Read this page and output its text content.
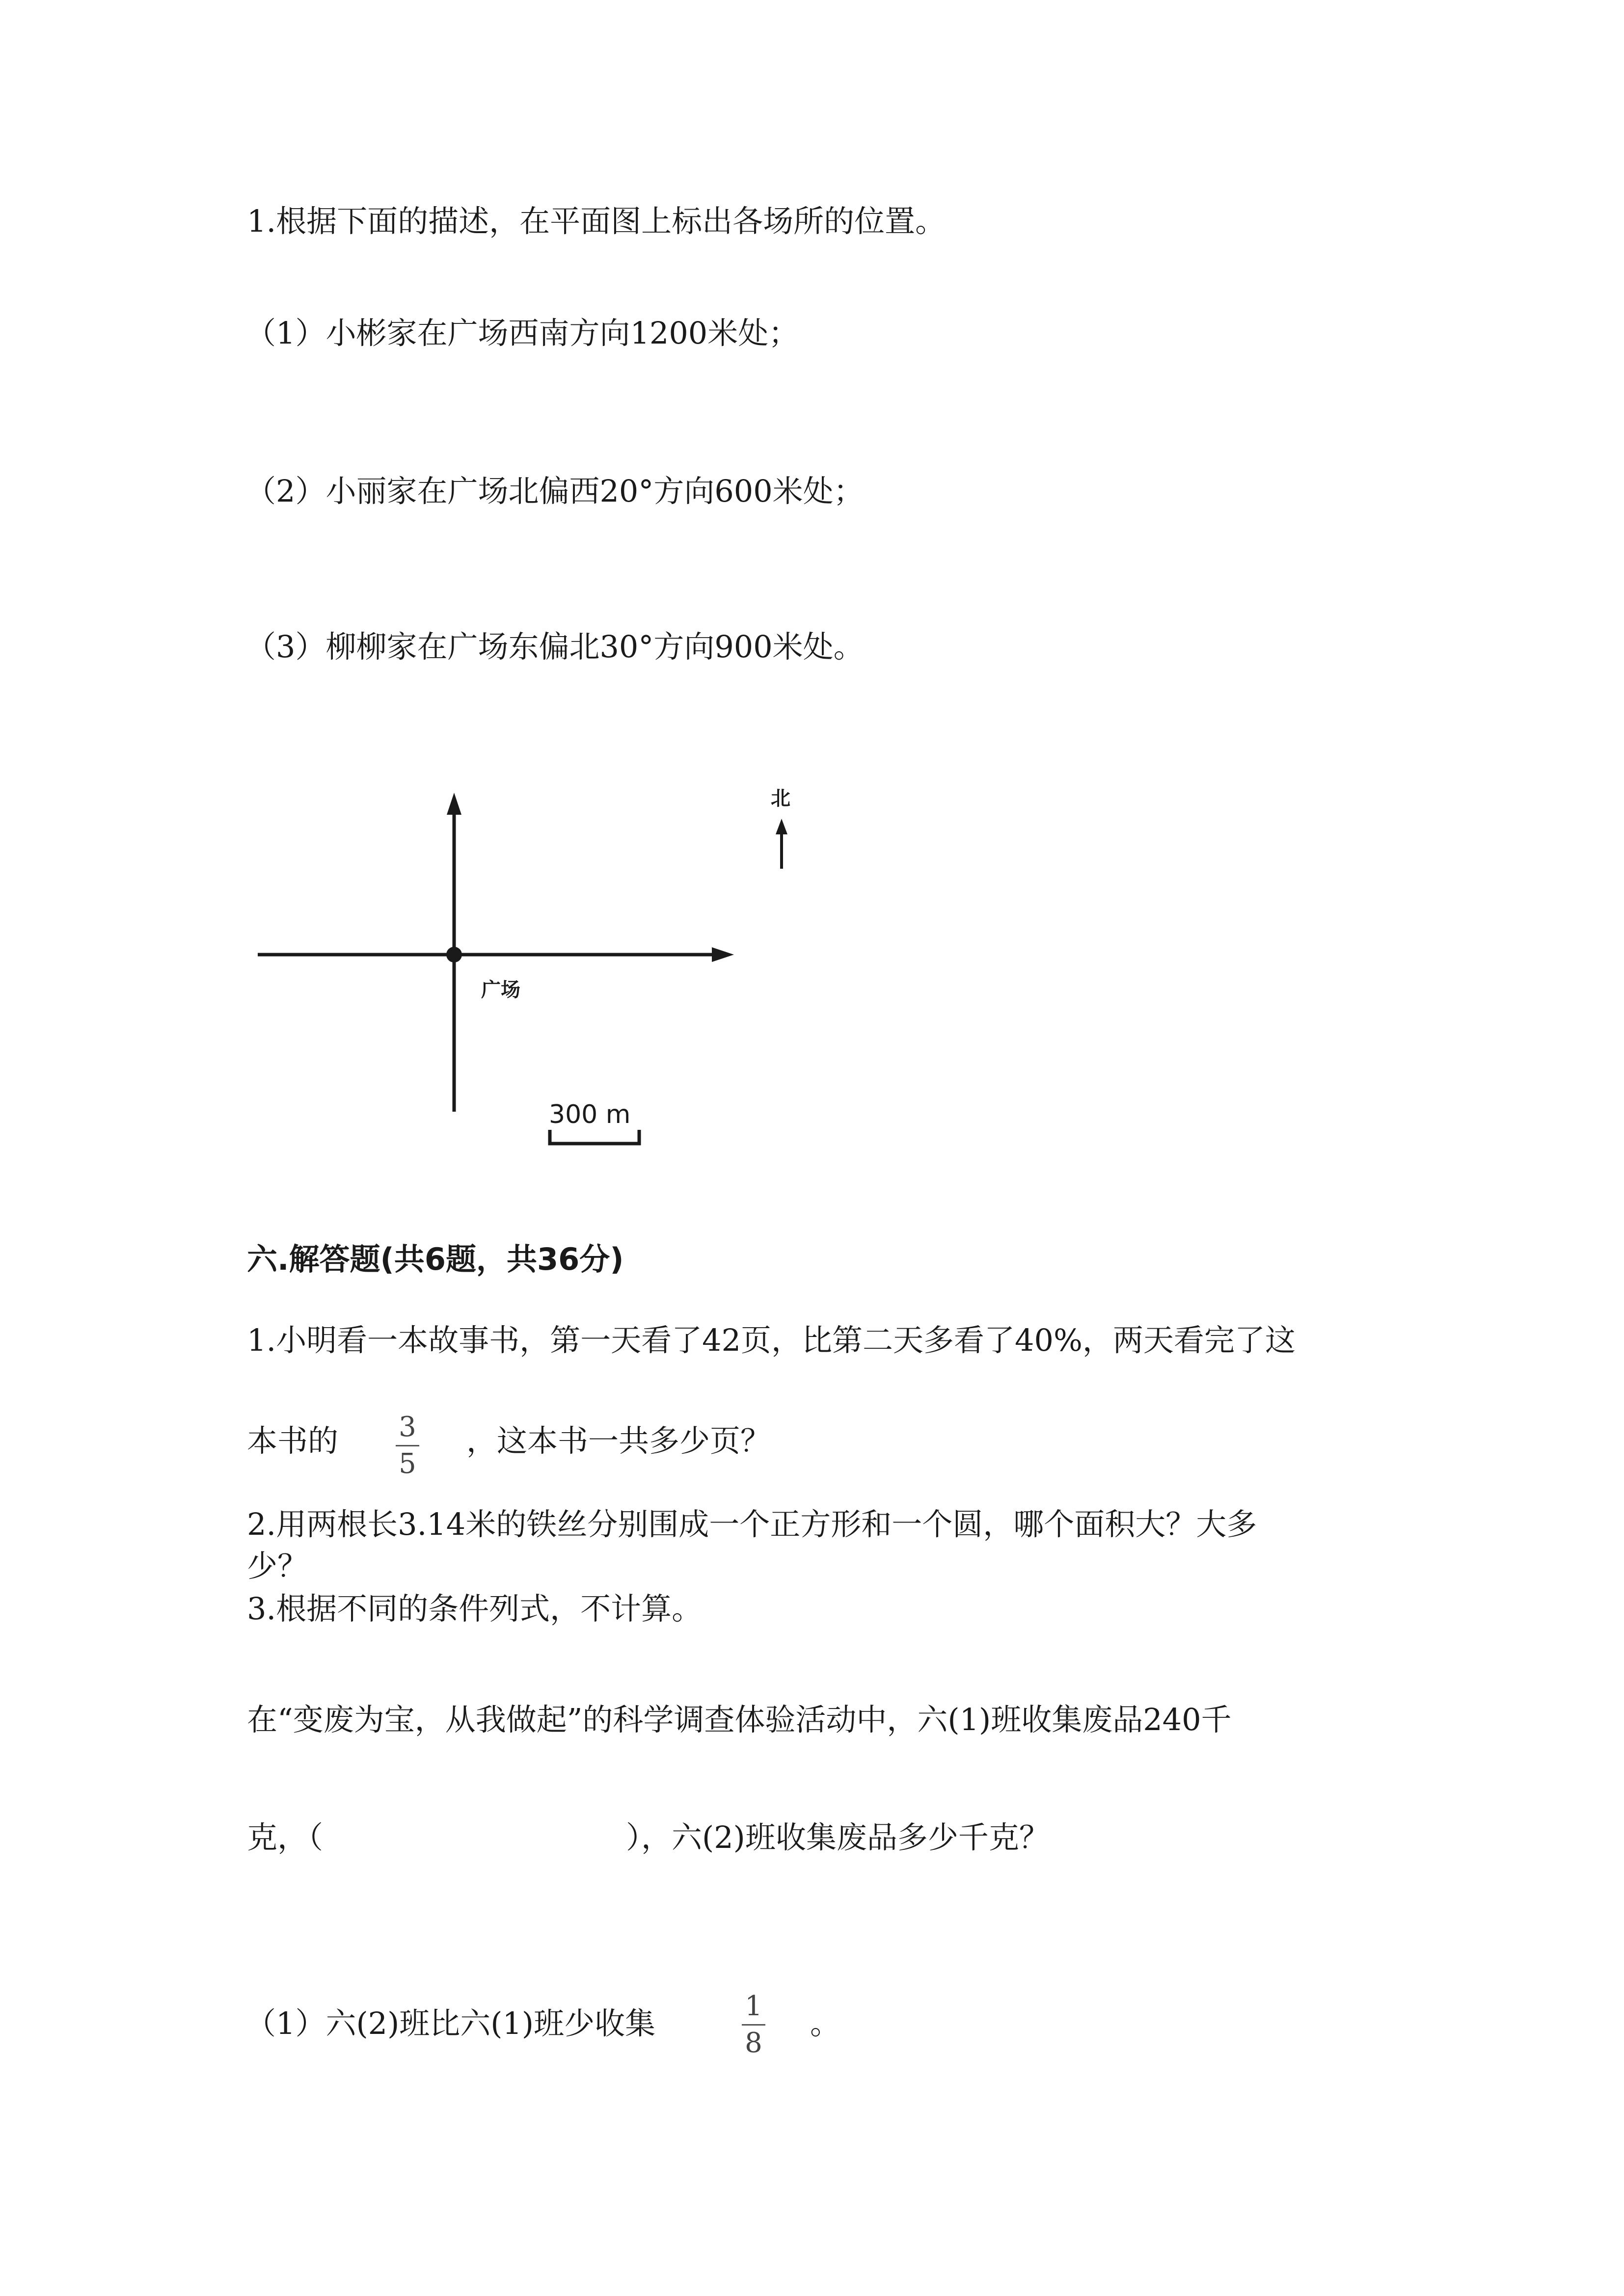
1.根据下面的描述，在平面图上标出各场所的位置。
（1）小彬家在广场西南方向1200米处；
（2）小丽家在广场北偏西20°方向600米处；
（3）柳柳家在广场东偏北30°方向900米处。
广场
北
300 m
六.解答题(共6题，共36分)
1.小明看一本故事书，第一天看了42页，比第二天多看了40%，两天看完了这
本书的 3
5
，这本书一共多少页？
2.用两根长3.14米的铁丝分别围成一个正方形和一个圆，哪个面积大？大多
少？
3.根据不同的条件列式，不计算。
在“变废为宝，从我做起”的科学调查体验活动中，六(1)班收集废品240千
克，（	），六(2)班收集废品多少千克？
（1）六(2)班比六(1)班少收集	1
8
。
